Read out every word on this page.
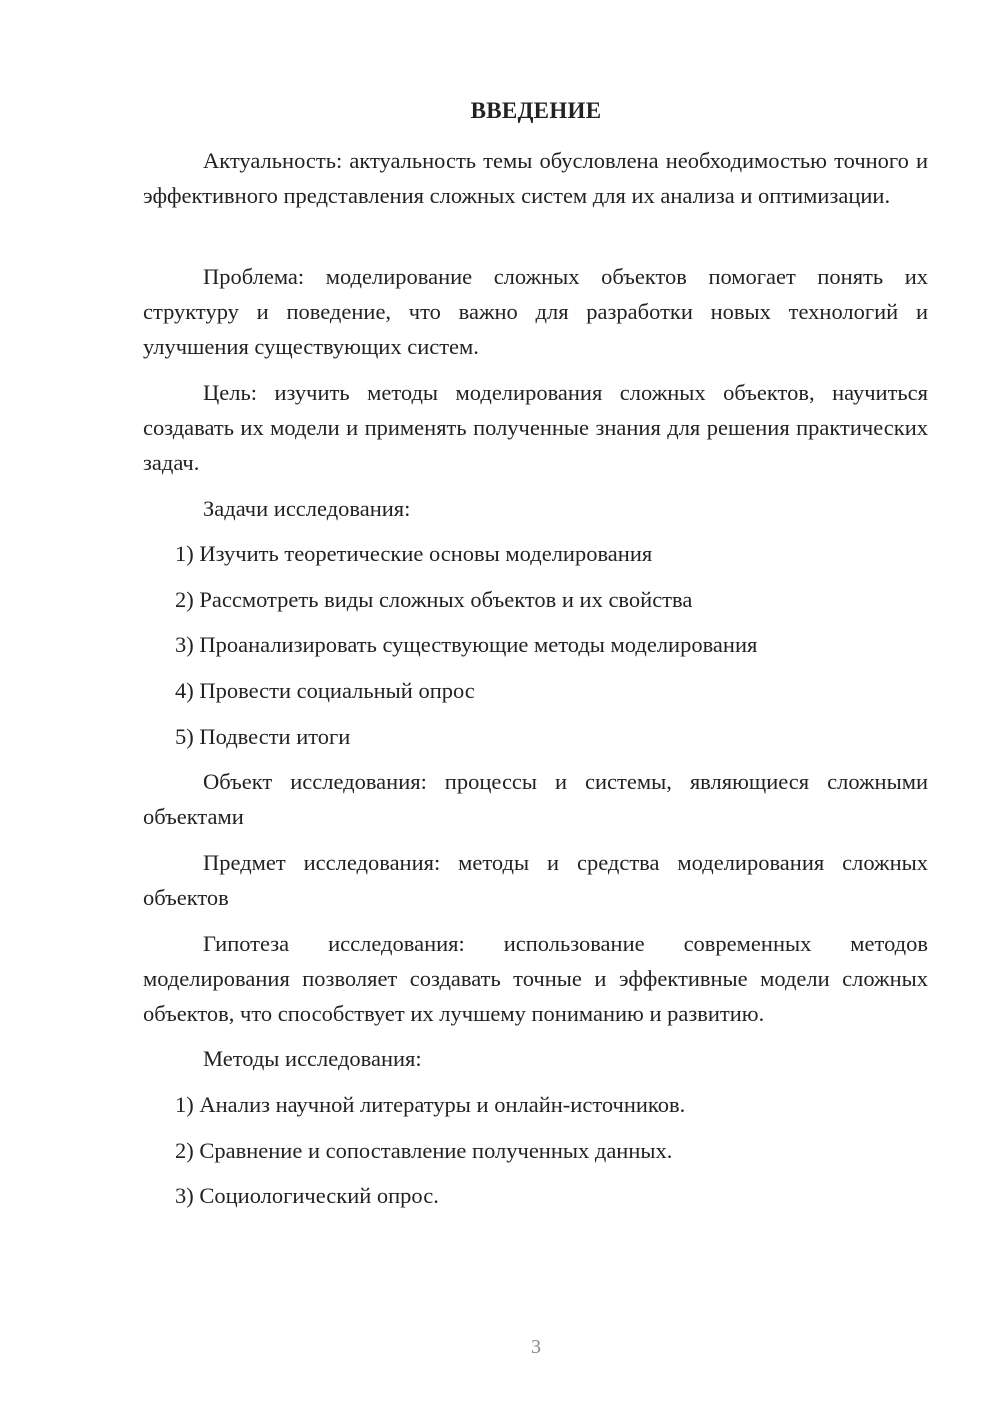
ВВЕДЕНИЕ

Актуальность: актуальность темы обусловлена необходимостью точного и эффективного представления сложных систем для их анализа и оптимизации.

Проблема: моделирование сложных объектов помогает понять их структуру и поведение, что важно для разработки новых технологий и улучшения существующих систем.

Цель: изучить методы моделирования сложных объектов, научиться создавать их модели и применять полученные знания для решения практических задач.

Задачи исследования:

1) Изучить теоретические основы моделирования

2) Рассмотреть виды сложных объектов и их свойства

3) Проанализировать существующие методы моделирования

4) Провести социальный опрос

5) Подвести итоги

Объект исследования: процессы и системы, являющиеся сложными объектами

Предмет исследования: методы и средства моделирования сложных объектов

Гипотеза исследования: использование современных методов моделирования позволяет создавать точные и эффективные модели сложных объектов, что способствует их лучшему пониманию и развитию.

Методы исследования:

1) Анализ научной литературы и онлайн-источников.

2) Сравнение и сопоставление полученных данных.

3) Социологический опрос.

3
